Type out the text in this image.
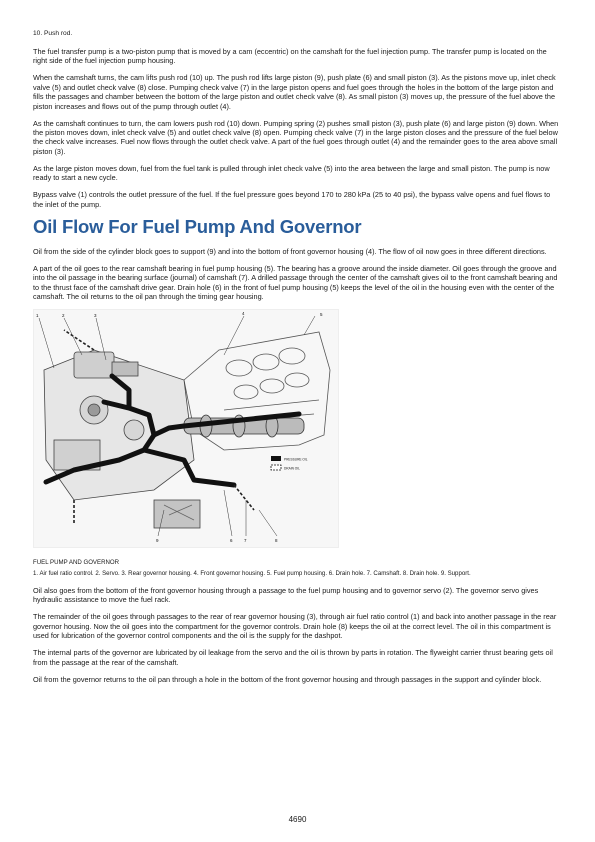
10. Push rod.

The fuel transfer pump is a two-piston pump that is moved by a cam (eccentric) on the camshaft for the fuel injection pump. The transfer pump is located on the right side of the fuel injection pump housing.

When the camshaft turns, the cam lifts push rod (10) up. The push rod lifts large piston (9), push plate (6) and small piston (3). As the pistons move up, inlet check valve (5) and outlet check valve (8) close. Pumping check valve (7) in the large piston opens and fuel goes through the holes in the bottom of the large piston and fills the passages and chamber between the bottom of the large piston and outlet check valve (8). As small piston (3) moves up, the pressure of the fuel above the piston increases and flows out of the pump through outlet (4).

As the camshaft continues to turn, the cam lowers push rod (10) down. Pumping spring (2) pushes small piston (3), push plate (6) and large piston (9) down. When the piston moves down, inlet check valve (5) and outlet check valve (8) open. Pumping check valve (7) in the large piston closes and the pressure of the fuel below the check valve increases. Fuel now flows through the outlet check valve. A part of the fuel goes through outlet (4) and the remainder goes to the area above small piston (3).

As the large piston moves down, fuel from the fuel tank is pulled through inlet check valve (5) into the area between the large and small piston. The pump is now ready to start a new cycle.

Bypass valve (1) controls the outlet pressure of the fuel. If the fuel pressure goes beyond 170 to 280 kPa (25 to 40 psi), the bypass valve opens and fuel flows to the inlet of the pump.

Oil Flow For Fuel Pump And Governor

Oil from the side of the cylinder block goes to support (9) and into the bottom of front governor housing (4). The flow of oil now goes in three different directions.

A part of the oil goes to the rear camshaft bearing in fuel pump housing (5). The bearing has a groove around the inside diameter. Oil goes through the groove and into the oil passage in the bearing surface (journal) of camshaft (7). A drilled passage through the center of the camshaft gives oil to the front camshaft bearing and to the thrust face of the camshaft drive gear. Drain hole (6) in the front of fuel pump housing (5) keeps the level of the oil in the housing even with the center of the camshaft. The oil returns to the oil pan through the timing gear housing.

PRESSURE OIL
DRAIN OIL
1	2	3	4	5
6	7
9	8
FUEL PUMP AND GOVERNOR
1. Air fuel ratio control. 2. Servo. 3. Rear governor housing. 4. Front governor housing. 5. Fuel pump housing. 6. Drain hole. 7. Camshaft. 8. Drain hole. 9. Support.

Oil also goes from the bottom of the front governor housing through a passage to the fuel pump housing and to governor servo (2). The governor servo gives hydraulic assistance to move the fuel rack.

The remainder of the oil goes through passages to the rear of rear governor housing (3), through air fuel ratio control (1) and back into another passage in the rear governor housing. Now the oil goes into the compartment for the governor controls. Drain hole (8) keeps the oil at the correct level. The oil in this compartment is used for lubrication of the governor control components and the oil is the supply for the dashpot.

The internal parts of the governor are lubricated by oil leakage from the servo and the oil is thrown by parts in rotation. The flyweight carrier thrust bearing gets oil from the passage at the rear of the camshaft.

Oil from the governor returns to the oil pan through a hole in the bottom of the front governor housing and through passages in the support and cylinder block.

4690
